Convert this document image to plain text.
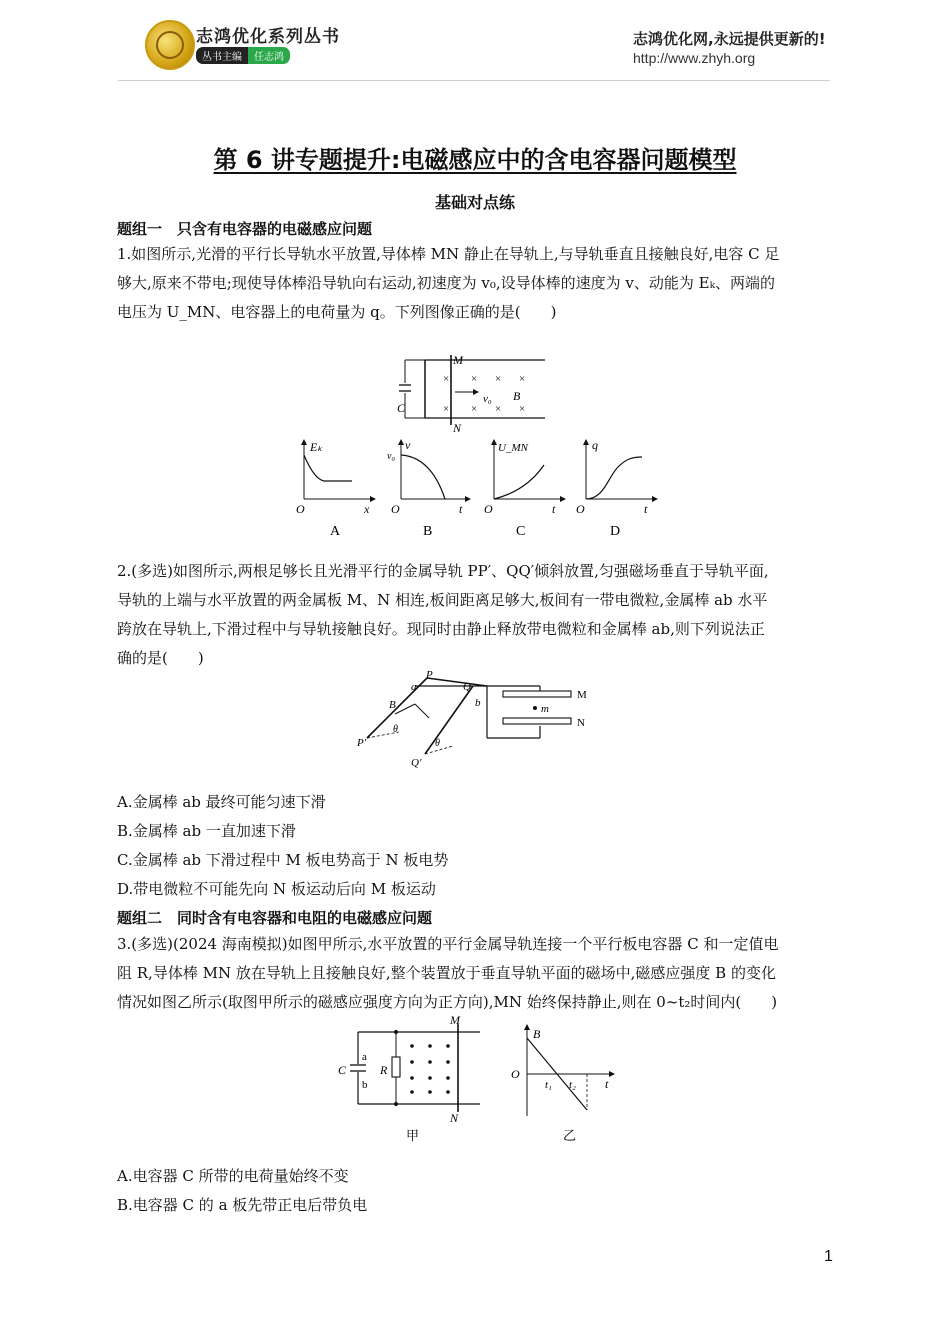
志鸿优化系列丛书
丛书主编 任志鸿
志鸿优化网,永远提供更新的!
http://www.zhyh.org
第 6 讲专题提升:电磁感应中的含电容器问题模型
基础对点练
题组一　只含有电容器的电磁感应问题
1.如图所示,光滑的平行长导轨水平放置,导体棒 MN 静止在导轨上,与导轨垂直且接触良好,电容 C 足
够大,原来不带电;现使导体棒沿导轨向右运动,初速度为 v₀,设导体棒的速度为 v、动能为 Eₖ、两端的
电压为 U_MN、电容器上的电荷量为 q。下列图像正确的是(　　)
C
M
N
× × × ×
× × × ×
v₀ B
Eₖ
x
O
A
v
v₀
t
O
B
U_MN
t
O
C
q
t
O
D
2.(多选)如图所示,两根足够长且光滑平行的金属导轨 PP′、QQ′倾斜放置,匀强磁场垂直于导轨平面,
导轨的上端与水平放置的两金属板 M、N 相连,板间距离足够大,板间有一带电微粒,金属棒 ab 水平
跨放在导轨上,下滑过程中与导轨接触良好。现同时由静止释放带电微粒和金属棒 ab,则下列说法正
确的是(　　)
m
M
N
P
Q
a
b
B
P′
Q′
θ
θ
A.金属棒 ab 最终可能匀速下滑
B.金属棒 ab 一直加速下滑
C.金属棒 ab 下滑过程中 M 板电势高于 N 板电势
D.带电微粒不可能先向 N 板运动后向 M 板运动
题组二　同时含有电容器和电阻的电磁感应问题
3.(多选)(2024 海南模拟)如图甲所示,水平放置的平行金属导轨连接一个平行板电容器 C 和一定值电
阻 R,导体棒 MN 放在导轨上且接触良好,整个装置放于垂直导轨平面的磁场中,磁感应强度 B 的变化
情况如图乙所示(取图甲所示的磁感应强度方向为正方向),MN 始终保持静止,则在 0~t₂时间内(　　)
C
a
b
R
M
N
甲
B
O
t
t₁ t₂
乙
A.电容器 C 所带的电荷量始终不变
B.电容器 C 的 a 板先带正电后带负电
1
